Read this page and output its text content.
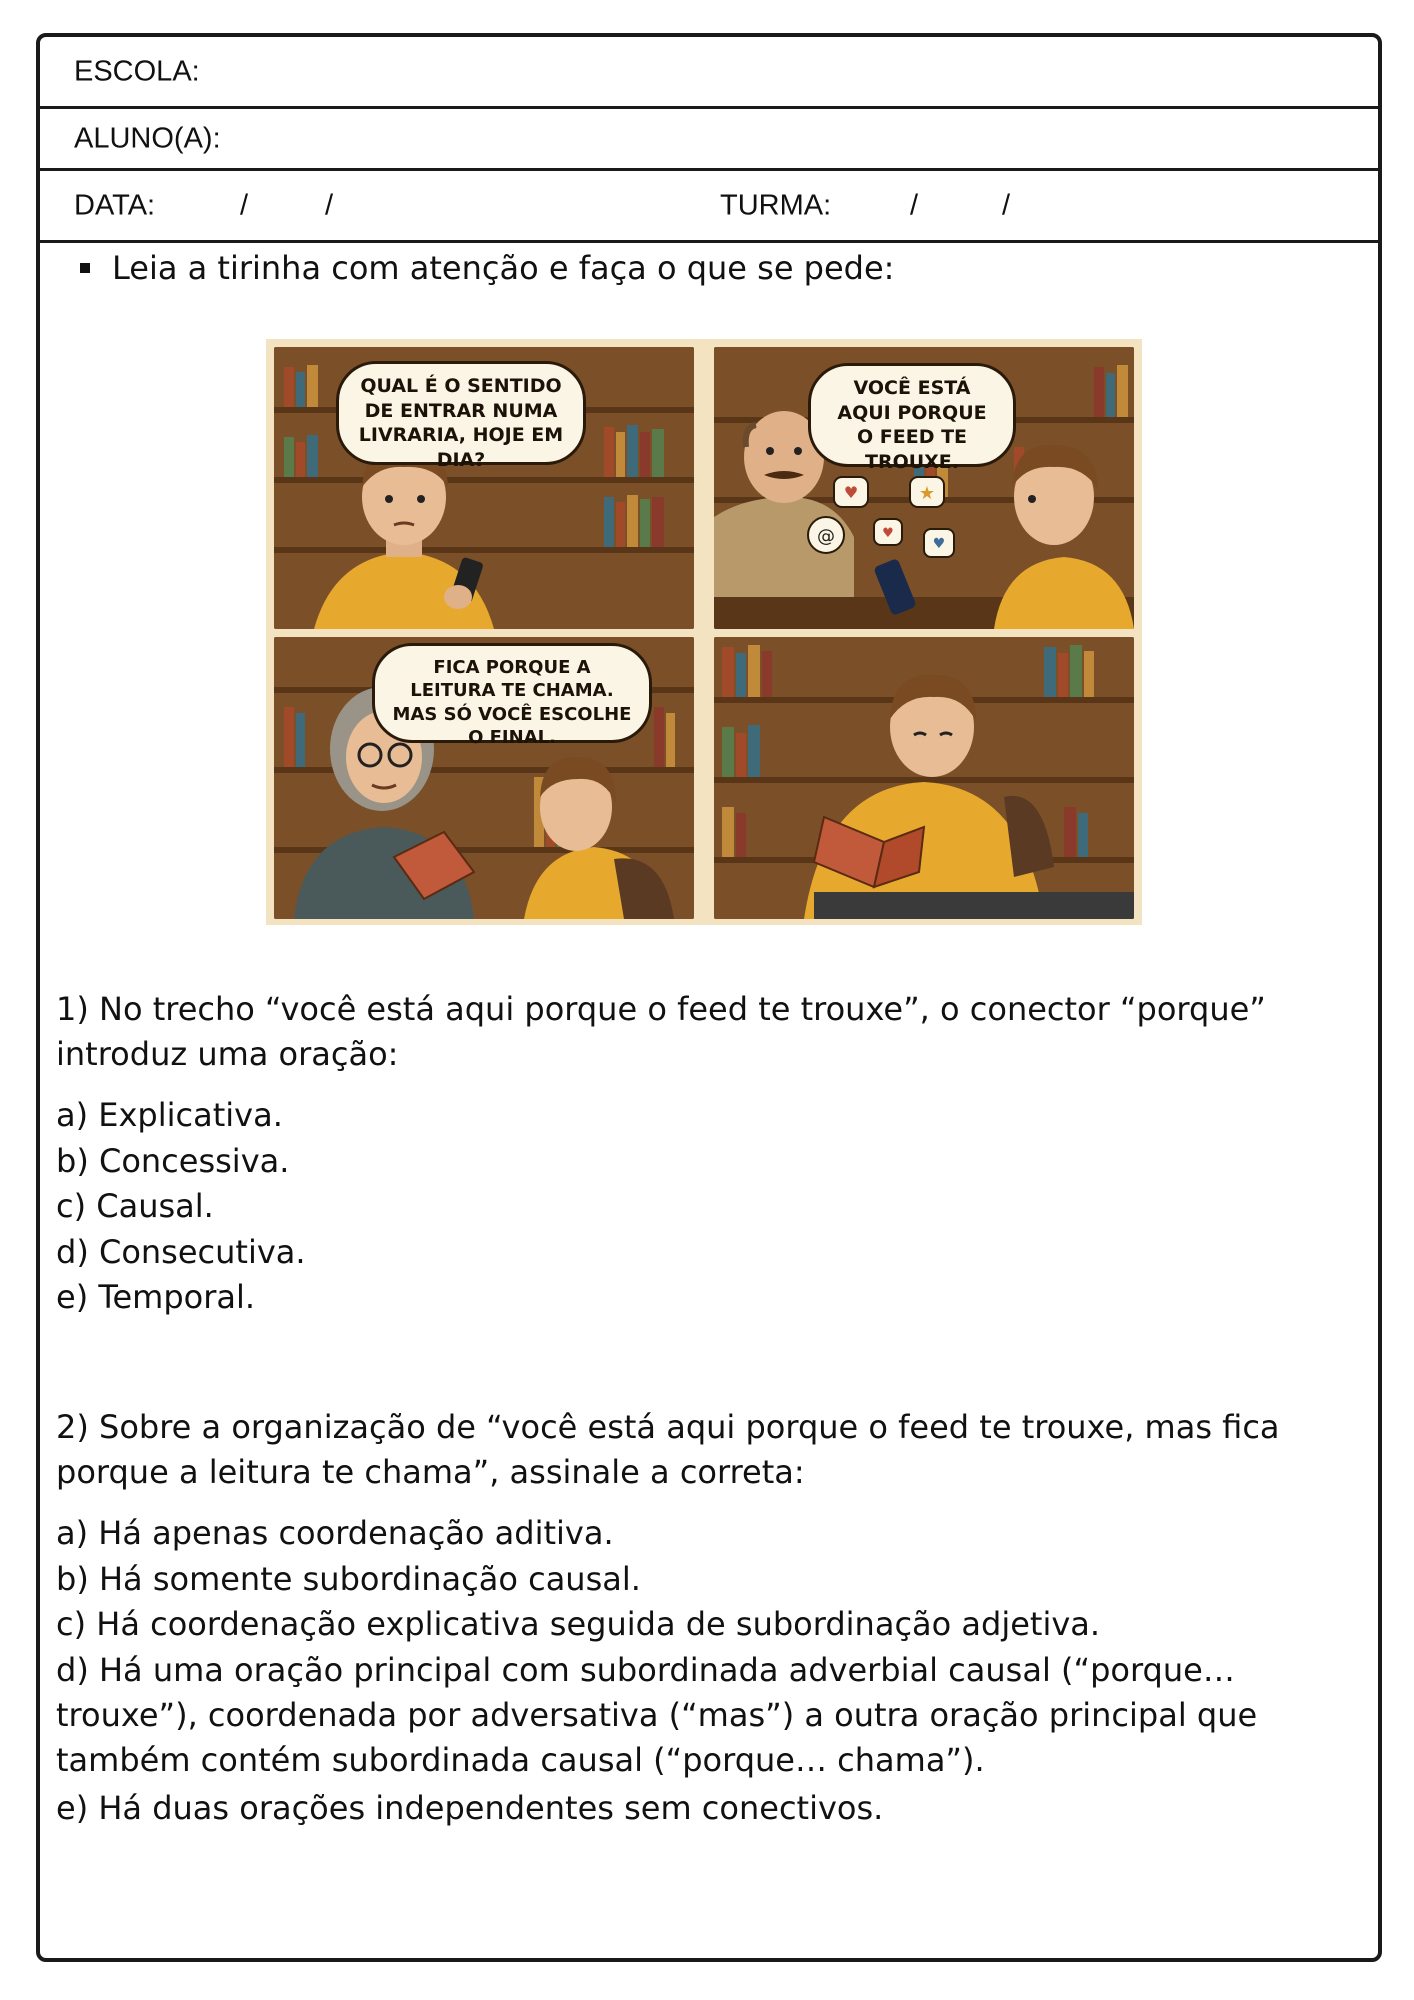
ESCOLA:
ALUNO(A):
DATA:	/	/	TURMA:	/	/
Leia a tirinha com atenção e faça o que se pede:
QUAL É O SENTIDO DE ENTRAR NUMA LIVRARIA, HOJE EM DIA?
♥	★
@	♥
♥
VOCÊ ESTÁ AQUI PORQUE O FEED TE TROUXE.
FICA PORQUE A LEITURA TE CHAMA. MAS SÓ VOCÊ ESCOLHE O FINAL.
1) No trecho “você está aqui porque o feed te trouxe”, o conector “porque” introduz uma oração:
a) Explicativa.
b) Concessiva.
c) Causal.
d) Consecutiva.
e) Temporal.
2) Sobre a organização de “você está aqui porque o feed te trouxe, mas fica porque a leitura te chama”, assinale a correta:
a) Há apenas coordenação aditiva.
b) Há somente subordinação causal.
c) Há coordenação explicativa seguida de subordinação adjetiva.
d) Há uma oração principal com subordinada adverbial causal (“porque… trouxe”), coordenada por adversativa (“mas”) a outra oração principal que também contém subordinada causal (“porque… chama”).
e) Há duas orações independentes sem conectivos.
